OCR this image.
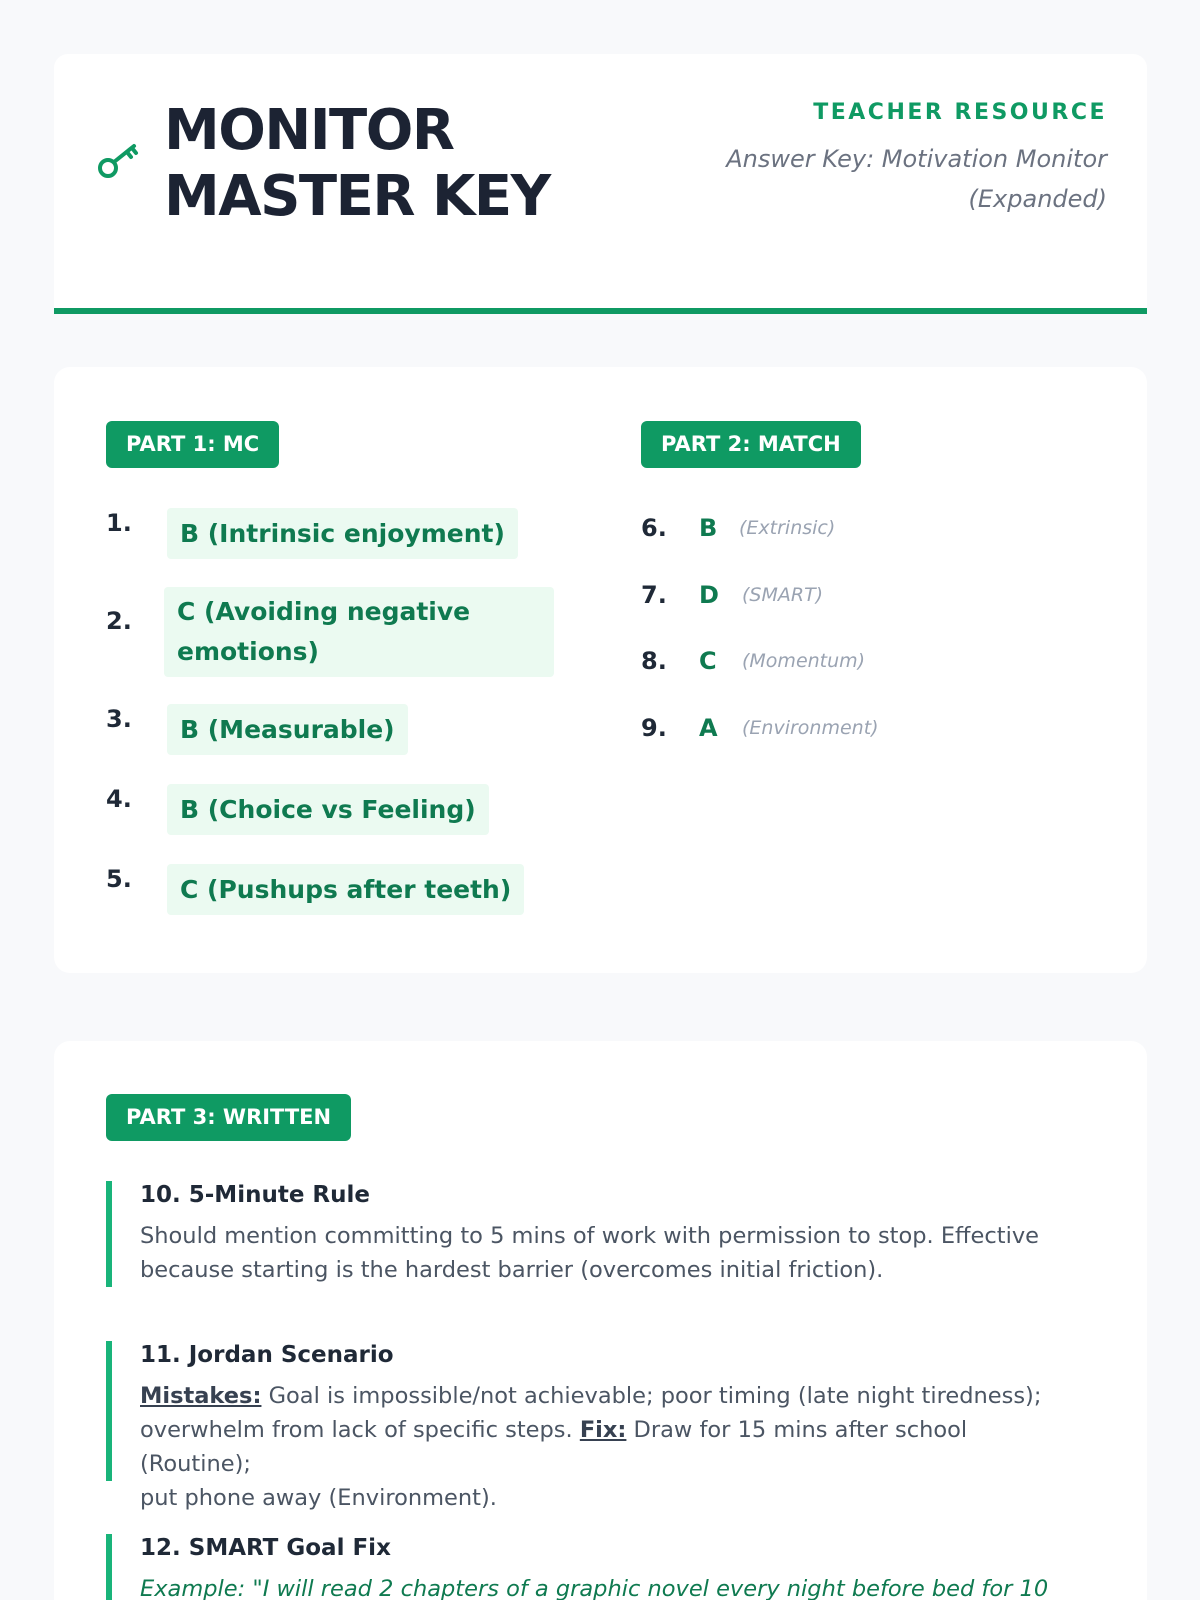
MONITOR
MASTER KEY
TEACHER RESOURCE
Answer Key: Motivation Monitor
(Expanded)
PART 1: MC	PART 2: MATCH
1.	B (Intrinsic enjoyment)
2. C (Avoiding negative
emotions)
3.	B (Measurable)
4.	B (Choice vs Feeling)
5.	C (Pushups after teeth)
6. B (Extrinsic)
7. D (SMART)
8. C (Momentum)
9. A (Environment)
PART 3: WRITTEN
10. 5-Minute Rule
Should mention committing to 5 mins of work with permission to stop. Effective
because starting is the hardest barrier (overcomes initial friction).
11. Jordan Scenario
Mistakes: Goal is impossible/not achievable; poor timing (late night tiredness);
overwhelm from lack of specific steps. Fix: Draw for 15 mins after school (Routine);
put phone away (Environment).
12. SMART Goal Fix
Example: "I will read 2 chapters of a graphic novel every night before bed for 10
